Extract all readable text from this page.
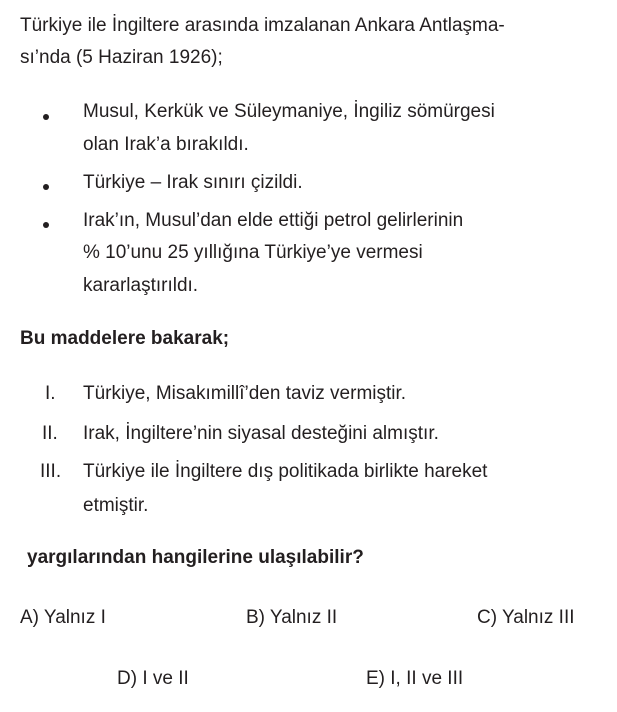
Türkiye ile İngiltere arasında imzalanan Ankara Antlaşma-
sı’nda (5 Haziran 1926);
Musul, Kerkük ve Süleymaniye, İngiliz sömürgesi
olan Irak’a bırakıldı.
Türkiye – Irak sınırı çizildi.
Irak’ın, Musul’dan elde ettiği petrol gelirlerinin
% 10’unu 25 yıllığına Türkiye’ye vermesi
kararlaştırıldı.
Bu maddelere bakarak;
I. Türkiye, Misakımillî’den taviz vermiştir.
II. Irak, İngiltere’nin siyasal desteğini almıştır.
III. Türkiye ile İngiltere dış politikada birlikte hareket
etmiştir.
yargılarından hangilerine ulaşılabilir?
A) Yalnız I	B) Yalnız II	C) Yalnız III
D) I ve II	E) I, II ve III
